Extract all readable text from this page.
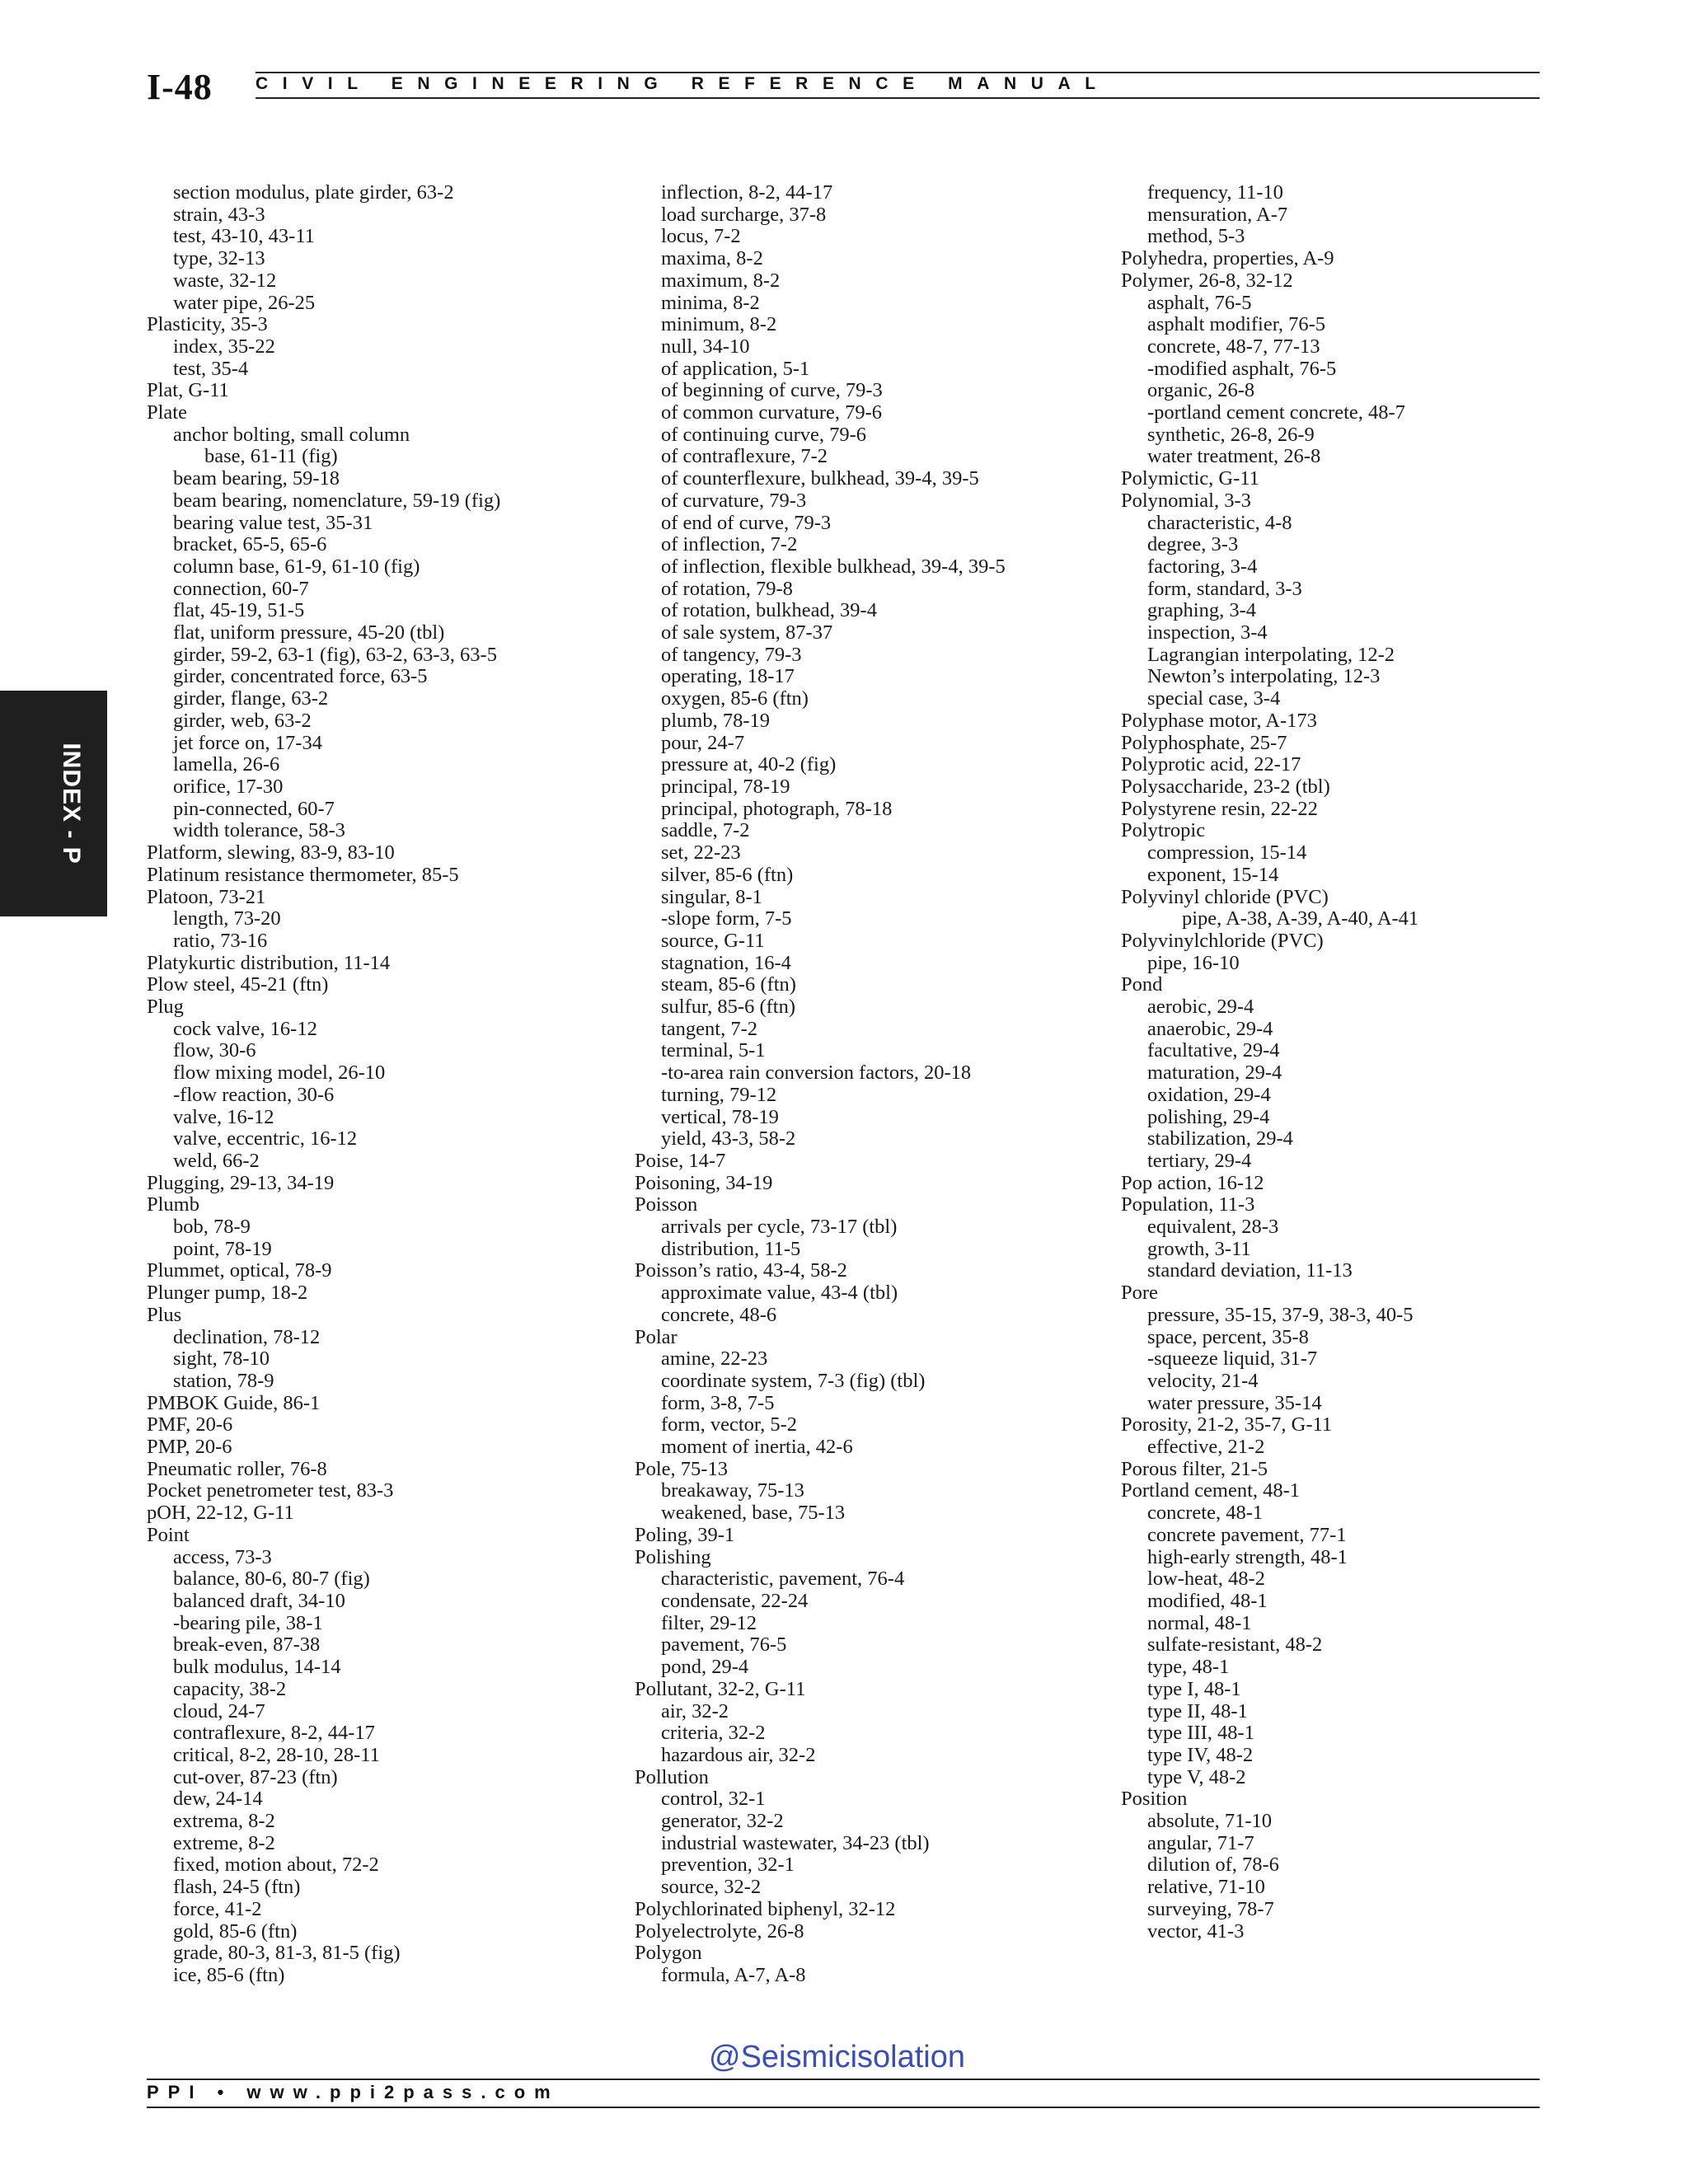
I-48 CIVIL ENGINEERING REFERENCE MANUAL
INDEX - P
section modulus, plate girder, 63-2
strain, 43-3
test, 43-10, 43-11
type, 32-13
waste, 32-12
water pipe, 26-25
Plasticity, 35-3
index, 35-22
test, 35-4
Plat, G-11
Plate
anchor bolting, small column
base, 61-11 (fig)
beam bearing, 59-18
beam bearing, nomenclature, 59-19 (fig)
bearing value test, 35-31
bracket, 65-5, 65-6
column base, 61-9, 61-10 (fig)
connection, 60-7
flat, 45-19, 51-5
flat, uniform pressure, 45-20 (tbl)
girder, 59-2, 63-1 (fig), 63-2, 63-3, 63-5
girder, concentrated force, 63-5
girder, flange, 63-2
girder, web, 63-2
jet force on, 17-34
lamella, 26-6
orifice, 17-30
pin-connected, 60-7
width tolerance, 58-3
Platform, slewing, 83-9, 83-10
Platinum resistance thermometer, 85-5
Platoon, 73-21
length, 73-20
ratio, 73-16
Platykurtic distribution, 11-14
Plow steel, 45-21 (ftn)
Plug
cock valve, 16-12
flow, 30-6
flow mixing model, 26-10
-flow reaction, 30-6
valve, 16-12
valve, eccentric, 16-12
weld, 66-2
Plugging, 29-13, 34-19
Plumb
bob, 78-9
point, 78-19
Plummet, optical, 78-9
Plunger pump, 18-2
Plus
declination, 78-12
sight, 78-10
station, 78-9
PMBOK Guide, 86-1
PMF, 20-6
PMP, 20-6
Pneumatic roller, 76-8
Pocket penetrometer test, 83-3
pOH, 22-12, G-11
Point
access, 73-3
balance, 80-6, 80-7 (fig)
balanced draft, 34-10
-bearing pile, 38-1
break-even, 87-38
bulk modulus, 14-14
capacity, 38-2
cloud, 24-7
contraflexure, 8-2, 44-17
critical, 8-2, 28-10, 28-11
cut-over, 87-23 (ftn)
dew, 24-14
extrema, 8-2
extreme, 8-2
fixed, motion about, 72-2
flash, 24-5 (ftn)
force, 41-2
gold, 85-6 (ftn)
grade, 80-3, 81-3, 81-5 (fig)
ice, 85-6 (ftn)
inflection, 8-2, 44-17
load surcharge, 37-8
locus, 7-2
maxima, 8-2
maximum, 8-2
minima, 8-2
minimum, 8-2
null, 34-10
of application, 5-1
of beginning of curve, 79-3
of common curvature, 79-6
of continuing curve, 79-6
of contraflexure, 7-2
of counterflexure, bulkhead, 39-4, 39-5
of curvature, 79-3
of end of curve, 79-3
of inflection, 7-2
of inflection, flexible bulkhead, 39-4, 39-5
of rotation, 79-8
of rotation, bulkhead, 39-4
of sale system, 87-37
of tangency, 79-3
operating, 18-17
oxygen, 85-6 (ftn)
plumb, 78-19
pour, 24-7
pressure at, 40-2 (fig)
principal, 78-19
principal, photograph, 78-18
saddle, 7-2
set, 22-23
silver, 85-6 (ftn)
singular, 8-1
-slope form, 7-5
source, G-11
stagnation, 16-4
steam, 85-6 (ftn)
sulfur, 85-6 (ftn)
tangent, 7-2
terminal, 5-1
-to-area rain conversion factors, 20-18
turning, 79-12
vertical, 78-19
yield, 43-3, 58-2
Poise, 14-7
Poisoning, 34-19
Poisson
arrivals per cycle, 73-17 (tbl)
distribution, 11-5
Poisson’s ratio, 43-4, 58-2
approximate value, 43-4 (tbl)
concrete, 48-6
Polar
amine, 22-23
coordinate system, 7-3 (fig) (tbl)
form, 3-8, 7-5
form, vector, 5-2
moment of inertia, 42-6
Pole, 75-13
breakaway, 75-13
weakened, base, 75-13
Poling, 39-1
Polishing
characteristic, pavement, 76-4
condensate, 22-24
filter, 29-12
pavement, 76-5
pond, 29-4
Pollutant, 32-2, G-11
air, 32-2
criteria, 32-2
hazardous air, 32-2
Pollution
control, 32-1
generator, 32-2
industrial wastewater, 34-23 (tbl)
prevention, 32-1
source, 32-2
Polychlorinated biphenyl, 32-12
Polyelectrolyte, 26-8
Polygon
formula, A-7, A-8
frequency, 11-10
mensuration, A-7
method, 5-3
Polyhedra, properties, A-9
Polymer, 26-8, 32-12
asphalt, 76-5
asphalt modifier, 76-5
concrete, 48-7, 77-13
-modified asphalt, 76-5
organic, 26-8
-portland cement concrete, 48-7
synthetic, 26-8, 26-9
water treatment, 26-8
Polymictic, G-11
Polynomial, 3-3
characteristic, 4-8
degree, 3-3
factoring, 3-4
form, standard, 3-3
graphing, 3-4
inspection, 3-4
Lagrangian interpolating, 12-2
Newton’s interpolating, 12-3
special case, 3-4
Polyphase motor, A-173
Polyphosphate, 25-7
Polyprotic acid, 22-17
Polysaccharide, 23-2 (tbl)
Polystyrene resin, 22-22
Polytropic
compression, 15-14
exponent, 15-14
Polyvinyl chloride (PVC)
pipe, A-38, A-39, A-40, A-41
Polyvinylchloride (PVC)
pipe, 16-10
Pond
aerobic, 29-4
anaerobic, 29-4
facultative, 29-4
maturation, 29-4
oxidation, 29-4
polishing, 29-4
stabilization, 29-4
tertiary, 29-4
Pop action, 16-12
Population, 11-3
equivalent, 28-3
growth, 3-11
standard deviation, 11-13
Pore
pressure, 35-15, 37-9, 38-3, 40-5
space, percent, 35-8
-squeeze liquid, 31-7
velocity, 21-4
water pressure, 35-14
Porosity, 21-2, 35-7, G-11
effective, 21-2
Porous filter, 21-5
Portland cement, 48-1
concrete, 48-1
concrete pavement, 77-1
high-early strength, 48-1
low-heat, 48-2
modified, 48-1
normal, 48-1
sulfate-resistant, 48-2
type, 48-1
type I, 48-1
type II, 48-1
type III, 48-1
type IV, 48-2
type V, 48-2
Position
absolute, 71-10
angular, 71-7
dilution of, 78-6
relative, 71-10
surveying, 78-7
vector, 41-3
@Seismicisolation
PPI • www.ppi2pass.com
